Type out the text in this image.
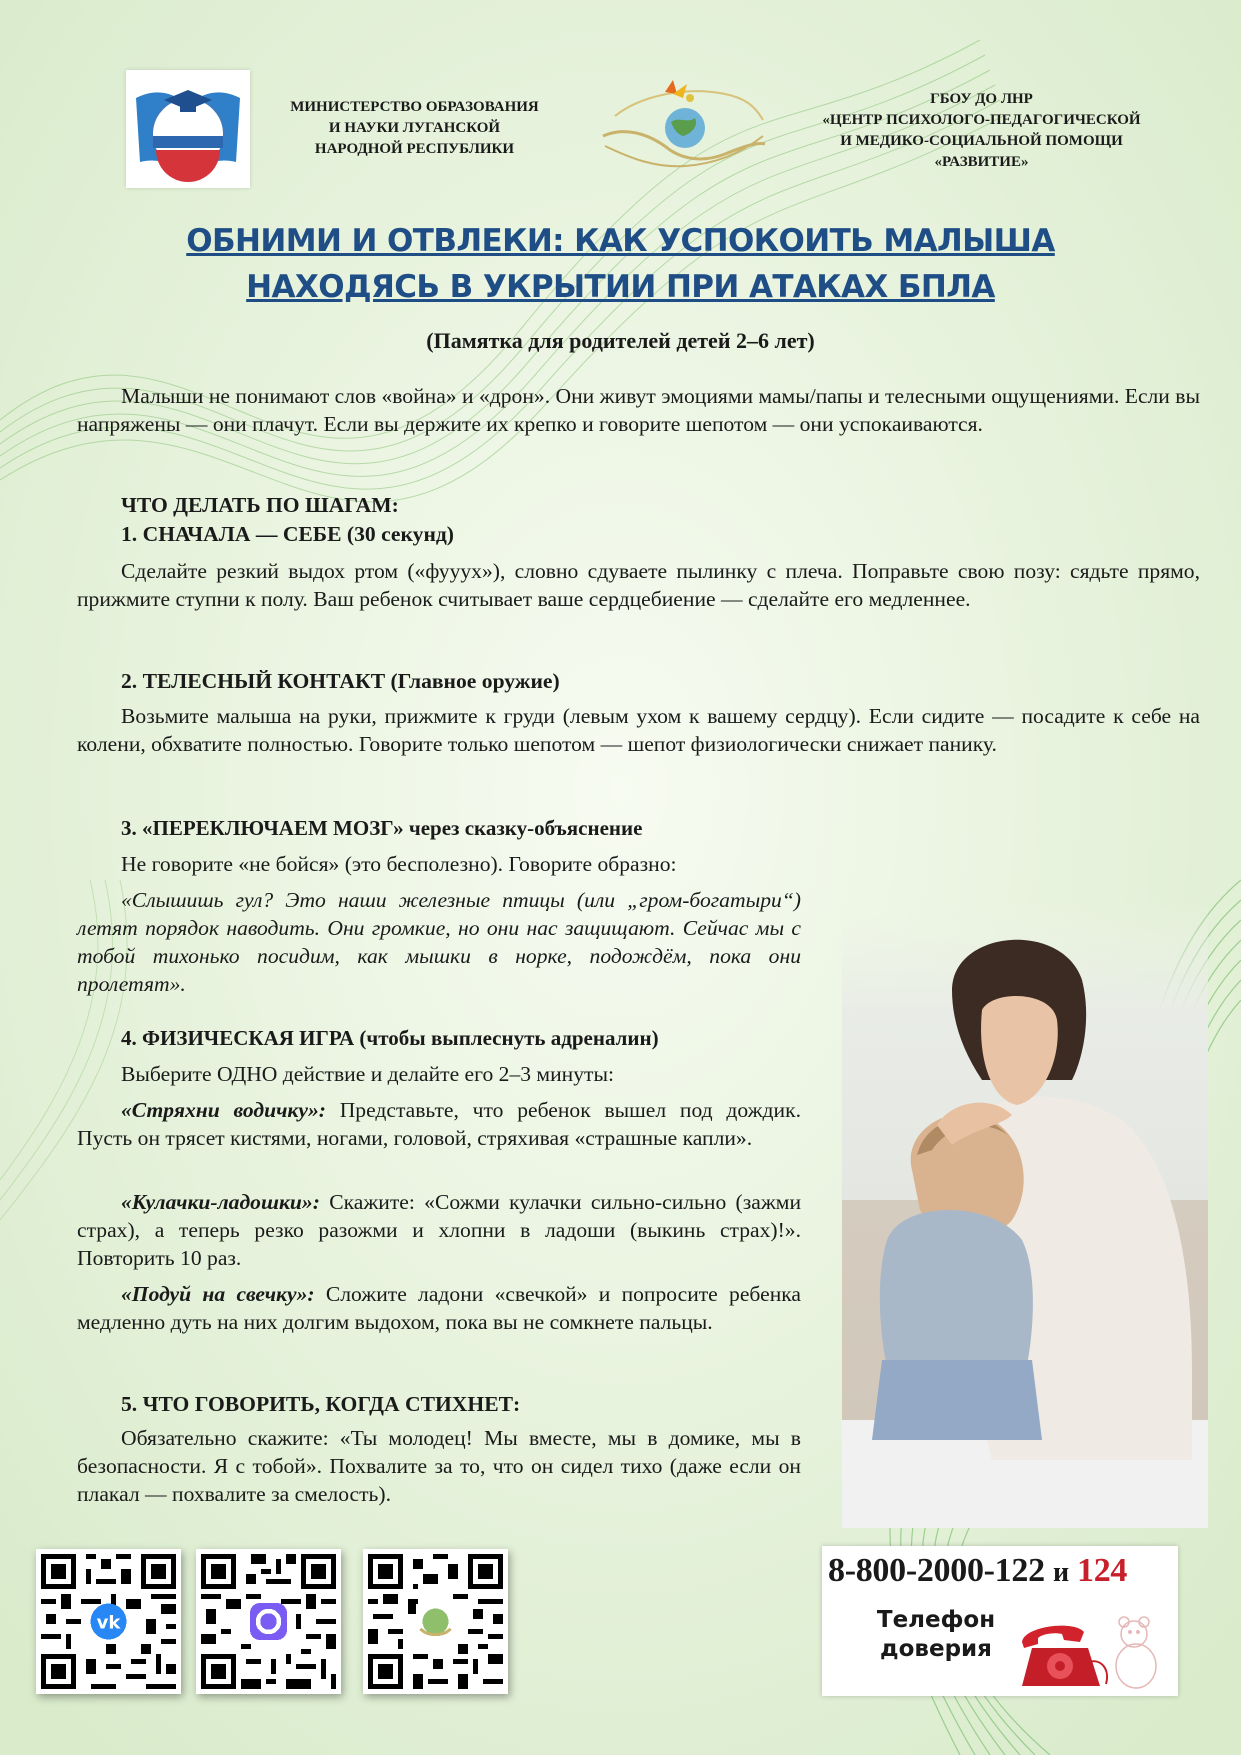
МИНИСТЕРСТВО ОБРАЗОВАНИЯ
И НАУКИ ЛУГАНСКОЙ
НАРОДНОЙ РЕСПУБЛИКИ
ГБОУ ДО ЛНР
«ЦЕНТР ПСИХОЛОГО-ПЕДАГОГИЧЕСКОЙ
И МЕДИКО-СОЦИАЛЬНОЙ ПОМОЩИ
«РАЗВИТИЕ»
ОБНИМИ И ОТВЛЕКИ: КАК УСПОКОИТЬ МАЛЫША
НАХОДЯСЬ В УКРЫТИИ ПРИ АТАКАХ БПЛА
(Памятка для родителей детей 2–6 лет)
Малыши не понимают слов «война» и «дрон». Они живут эмоциями мамы/папы и телесными ощущениями. Если вы напряжены — они плачут. Если вы держите их крепко и говорите шепотом — они успокаиваются.
ЧТО ДЕЛАТЬ ПО ШАГАМ:
1. СНАЧАЛА — СЕБЕ (30 секунд)
Сделайте резкий выдох ртом («фууух»), словно сдуваете пылинку с плеча. Поправьте свою позу: сядьте прямо, прижмите ступни к полу. Ваш ребенок считывает ваше сердцебиение — сделайте его медленнее.
2. ТЕЛЕСНЫЙ КОНТАКТ (Главное оружие)
Возьмите малыша на руки, прижмите к груди (левым ухом к вашему сердцу). Если сидите — посадите к себе на колени, обхватите полностью. Говорите только шепотом — шепот физиологически снижает панику.
3. «ПЕРЕКЛЮЧАЕМ МОЗГ» через сказку-объяснение
Не говорите «не бойся» (это бесполезно). Говорите образно:
«Слышишь гул? Это наши железные птицы (или „гром-богатыри“) летят порядок наводить. Они громкие, но они нас защищают. Сейчас мы с тобой тихонько посидим, как мышки в норке, подождём, пока они пролетят».
4. ФИЗИЧЕСКАЯ ИГРА (чтобы выплеснуть адреналин)
Выберите ОДНО действие и делайте его 2–3 минуты:
«Стряхни водичку»: Представьте, что ребенок вышел под дождик. Пусть он трясет кистями, ногами, головой, стряхивая «страшные капли».
«Кулачки-ладошки»: Скажите: «Сожми кулачки сильно-сильно (зажми страх), а теперь резко разожми и хлопни в ладоши (выкинь страх)!». Повторить 10 раз.
«Подуй на свечку»: Сложите ладони «свечкой» и попросите ребенка медленно дуть на них долгим выдохом, пока вы не сомкнете пальцы.
5. ЧТО ГОВОРИТЬ, КОГДА СТИХНЕТ:
Обязательно скажите: «Ты молодец! Мы вместе, мы в домике, мы в безопасности. Я с тобой». Похвалите за то, что он сидел тихо (даже если он плакал — похвалите за смелость).
vk
8-800-2000-122 и 124
Телефон
доверия
